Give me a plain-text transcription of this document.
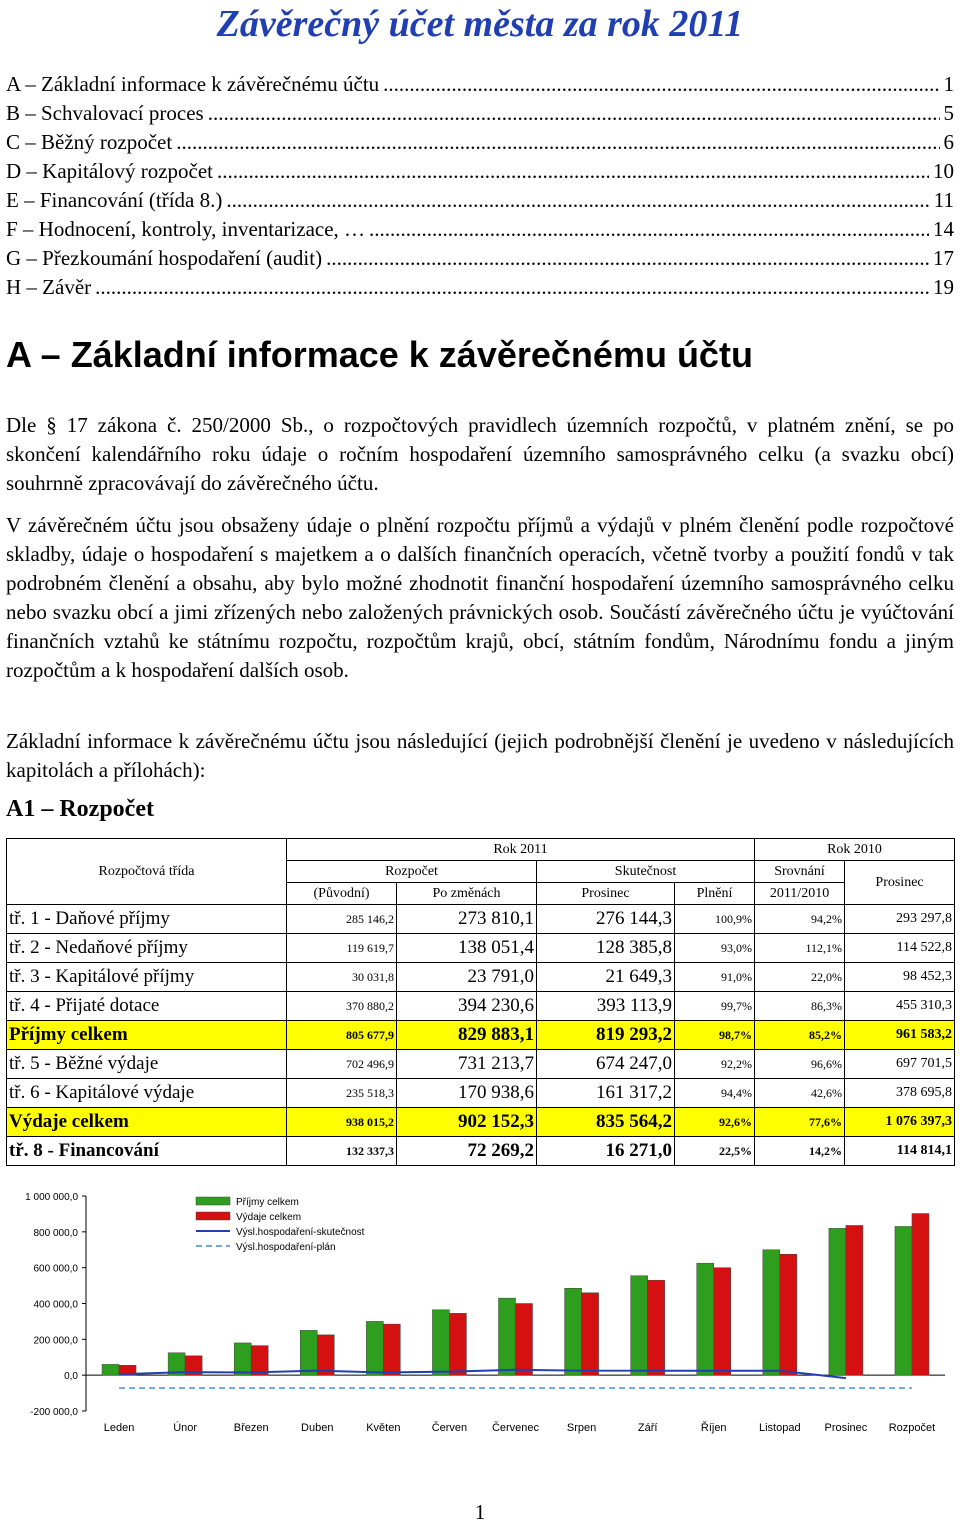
Závěrečný účet města za rok 2011
A – Základní informace k závěrečnému účtu .....	1
B – Schvalovací proces .....	5
C – Běžný rozpočet .....	6
D – Kapitálový rozpočet .....	10
E – Financování (třída 8.) .....	11
F – Hodnocení, kontroly, inventarizace, … .....	14
G – Přezkoumání hospodaření (audit) .....	17
H – Závěr .....	19
A – Základní informace k závěrečnému účtu
Dle § 17 zákona č. 250/2000 Sb., o rozpočtových pravidlech územních rozpočtů, v platném znění, se po skončení kalendářního roku údaje o ročním hospodaření územního samosprávného celku (a svazku obcí) souhrnně zpracovávají do závěrečného účtu.
V závěrečném účtu jsou obsaženy údaje o plnění rozpočtu příjmů a výdajů v plném členění podle rozpočtové skladby, údaje o hospodaření s majetkem a o dalších finančních operacích, včetně tvorby a použití fondů v tak podrobném členění a obsahu, aby bylo možné zhodnotit finanční hospodaření územního samosprávného celku nebo svazku obcí a jimi zřízených nebo založených právnických osob. Součástí závěrečného účtu je vyúčtování finančních vztahů ke státnímu rozpočtu, rozpočtům krajů, obcí, státním fondům, Národnímu fondu a jiným rozpočtům a k hospodaření dalších osob.
Základní informace k závěrečnému účtu jsou následující (jejich podrobnější členění je uvedeno v následujících kapitolách a přílohách):
A1 – Rozpočet
Rozpočtová třída	Rok 2011				Rok 2010	
	Rozpočet		Skutečnost		Srovnání	Prosinec
	(Původní)	Po změnách	Prosinec	Plnění	2011/2010	
tř. 1 - Daňové příjmy	285 146,2	273 810,1	276 144,3	100,9%	94,2%	293 297,8
tř. 2 - Nedaňové příjmy	119 619,7	138 051,4	128 385,8	93,0%	112,1%	114 522,8
tř. 3 - Kapitálové příjmy	30 031,8	23 791,0	21 649,3	91,0%	22,0%	98 452,3
tř. 4 - Přijaté dotace	370 880,2	394 230,6	393 113,9	99,7%	86,3%	455 310,3
Příjmy celkem	805 677,9	829 883,1	819 293,2	98,7%	85,2%	961 583,2
tř. 5 - Běžné výdaje	702 496,9	731 213,7	674 247,0	92,2%	96,6%	697 701,5
tř. 6 - Kapitálové výdaje	235 518,3	170 938,6	161 317,2	94,4%	42,6%	378 695,8
Výdaje celkem	938 015,2	902 152,3	835 564,2	92,6%	77,6%	1 076 397,3
tř. 8 - Financování	132 337,3	72 269,2	16 271,0	22,5%	14,2%	114 814,1
1 000 000,0
800 000,0
600 000,0
400 000,0
200 000,0
0,0
-200 000,0
Leden	Únor	Březen	Duben	Květen	Červen Červenec	Srpen	Září	Říjen	Listopad Prosinec Rozpočet
Příjmy celkem
Výdaje celkem
Výsl.hospodaření-skutečnost
Výsl.hospodaření-plán
1
